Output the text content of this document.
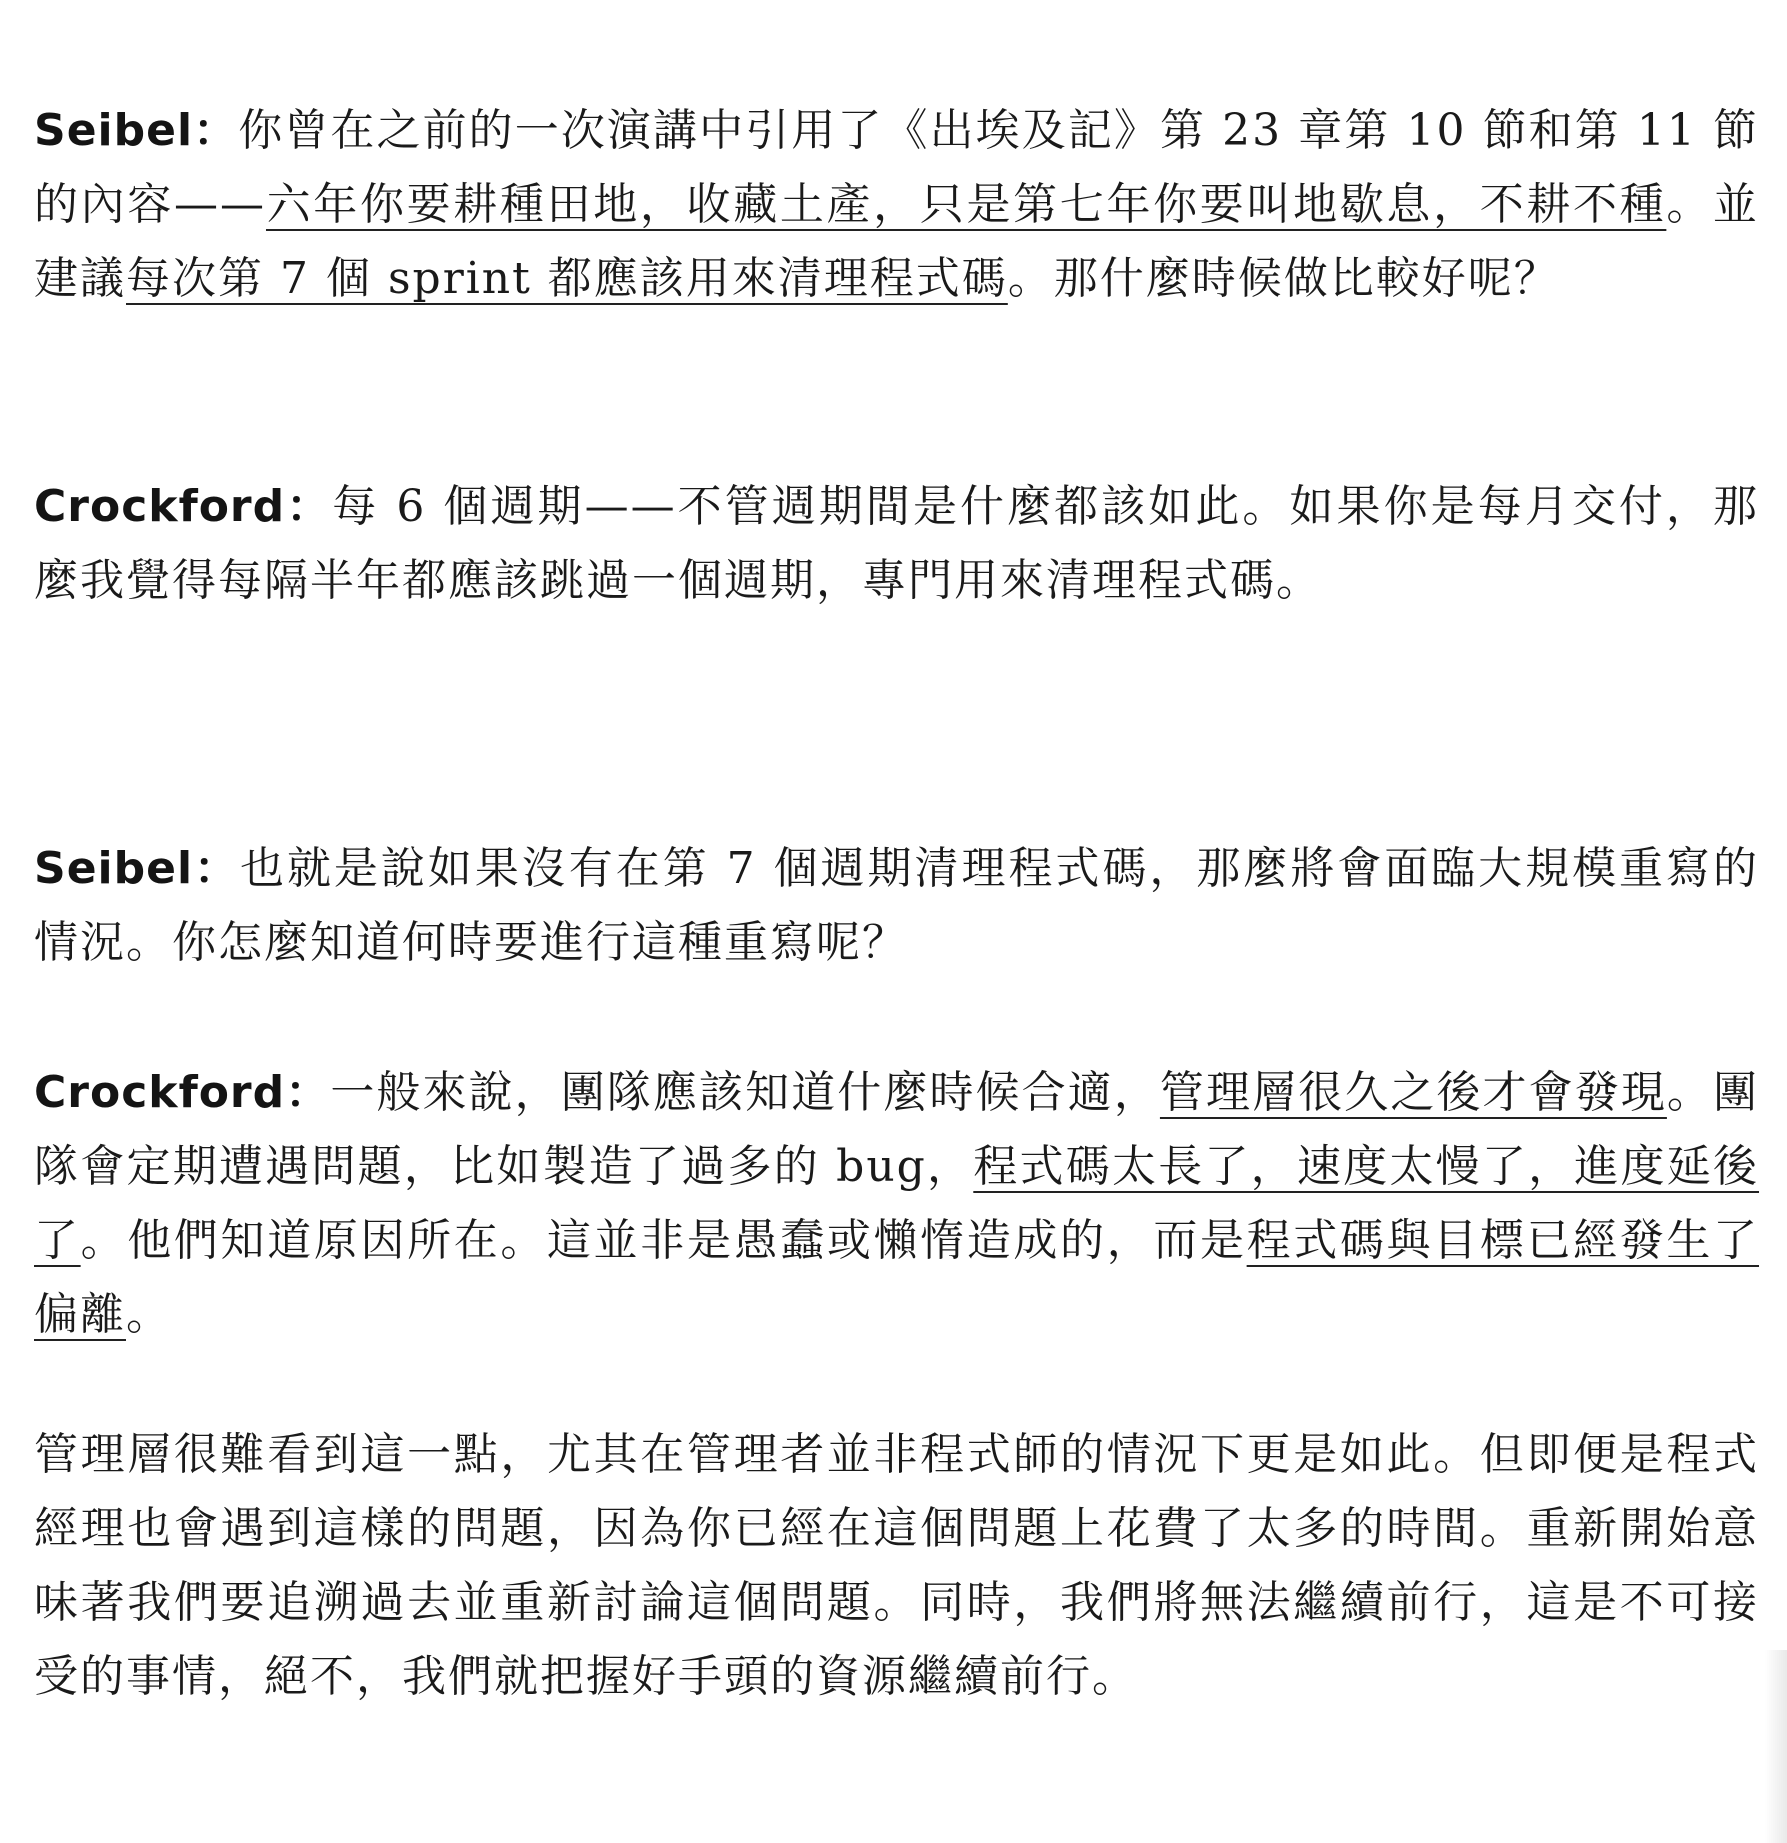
Seibel：你曾在之前的一次演講中引用了《出埃及記》第 23 章第 10 節和第 11 節的內容——六年你要耕種田地，收藏土產，只是第七年你要叫地歇息，不耕不種。並建議每次第 7 個 sprint 都應該用來清理程式碼。那什麼時候做比較好呢？

Crockford：每 6 個週期——不管週期間是什麼都該如此。如果你是每月交付，那麼我覺得每隔半年都應該跳過一個週期，專門用來清理程式碼。

Seibel：也就是說如果沒有在第 7 個週期清理程式碼，那麼將會面臨大規模重寫的情況。你怎麼知道何時要進行這種重寫呢？

Crockford：一般來說，團隊應該知道什麼時候合適，管理層很久之後才會發現。團隊會定期遭遇問題，比如製造了過多的 bug，程式碼太長了，速度太慢了，進度延後了。他們知道原因所在。這並非是愚蠢或懶惰造成的，而是程式碼與目標已經發生了偏離。

管理層很難看到這一點，尤其在管理者並非程式師的情況下更是如此。但即便是程式經理也會遇到這樣的問題，因為你已經在這個問題上花費了太多的時間。重新開始意味著我們要追溯過去並重新討論這個問題。同時，我們將無法繼續前行，這是不可接受的事情，絕不，我們就把握好手頭的資源繼續前行。
